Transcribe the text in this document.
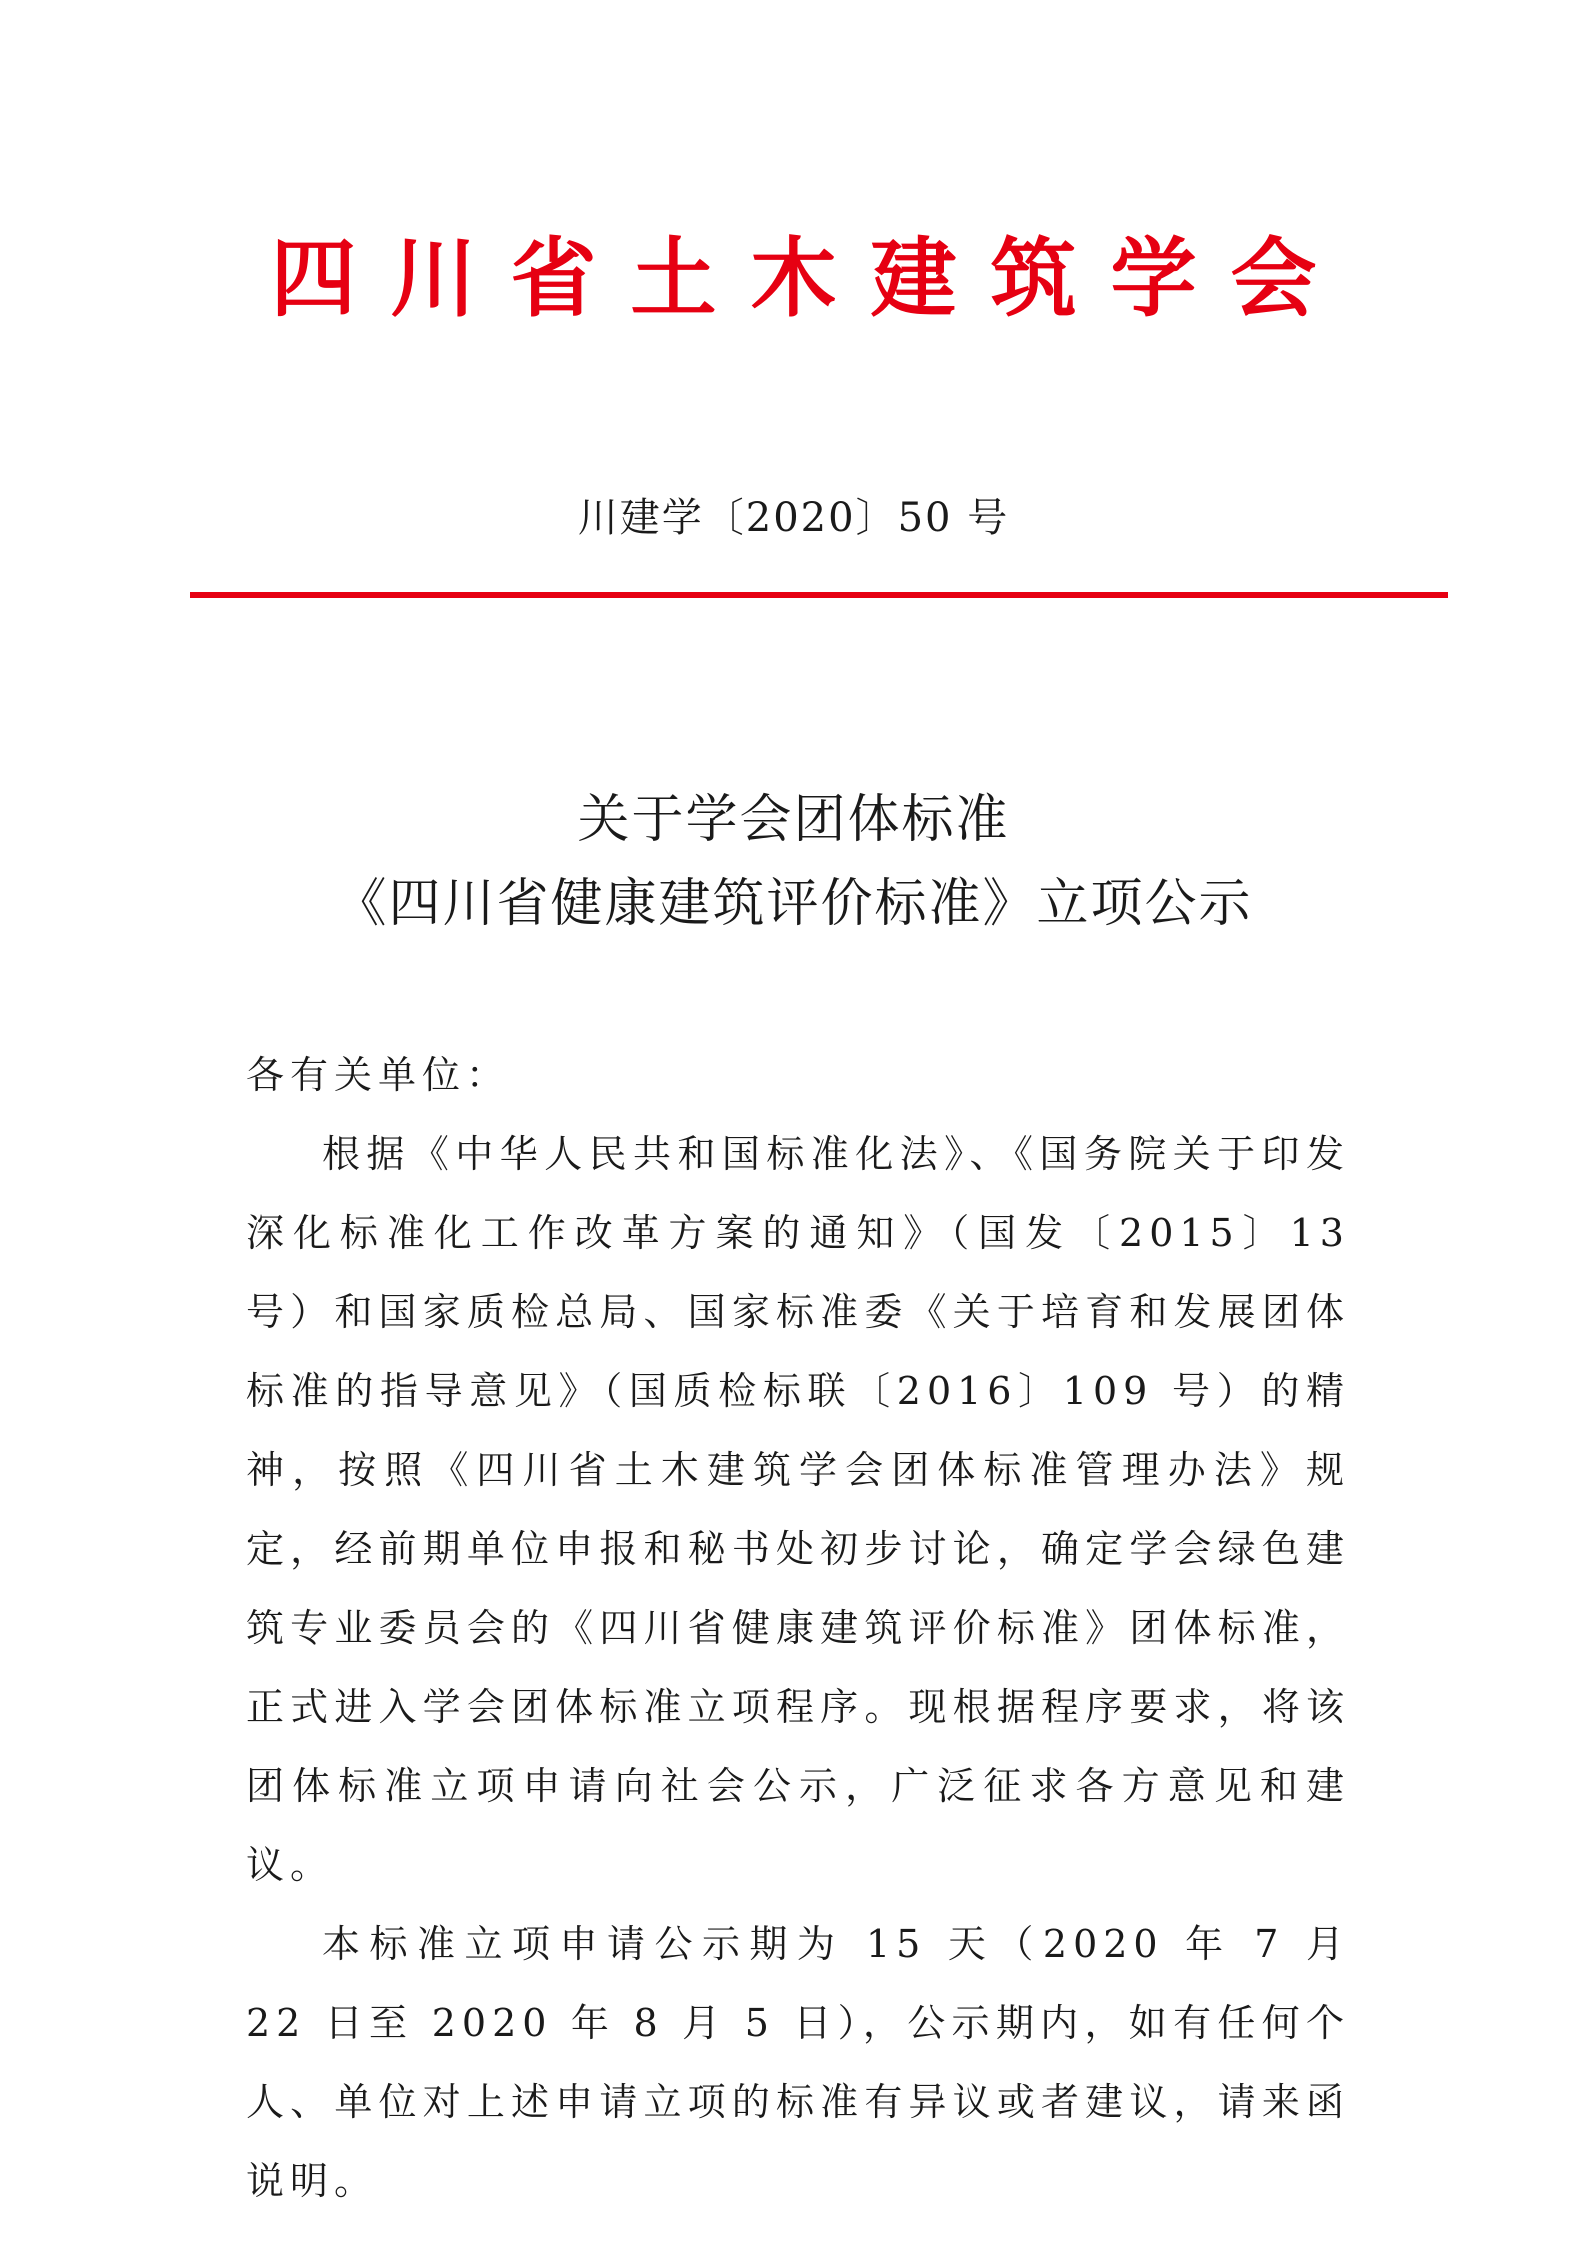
四川省土木建筑学会
川建学〔2020〕50 号
关于学会团体标准
《四川省健康建筑评价标准》立项公示

各有关单位：

根据《中华人民共和国标准化法》、《国务院关于印发深化标准化工作改革方案的通知》（国发〔2015〕13 号）和国家质检总局、国家标准委《关于培育和发展团体标准的指导意见》（国质检标联〔2016〕109 号）的精神，按照《四川省土木建筑学会团体标准管理办法》规定，经前期单位申报和秘书处初步讨论，确定学会绿色建筑专业委员会的《四川省健康建筑评价标准》团体标准，正式进入学会团体标准立项程序。现根据程序要求，将该团体标准立项申请向社会公示，广泛征求各方意见和建议。

本标准立项申请公示期为 15 天（2020 年 7 月 22 日至 2020 年 8 月 5 日），公示期内，如有任何个人、单位对上述申请立项的标准有异议或者建议，请来函说明。
